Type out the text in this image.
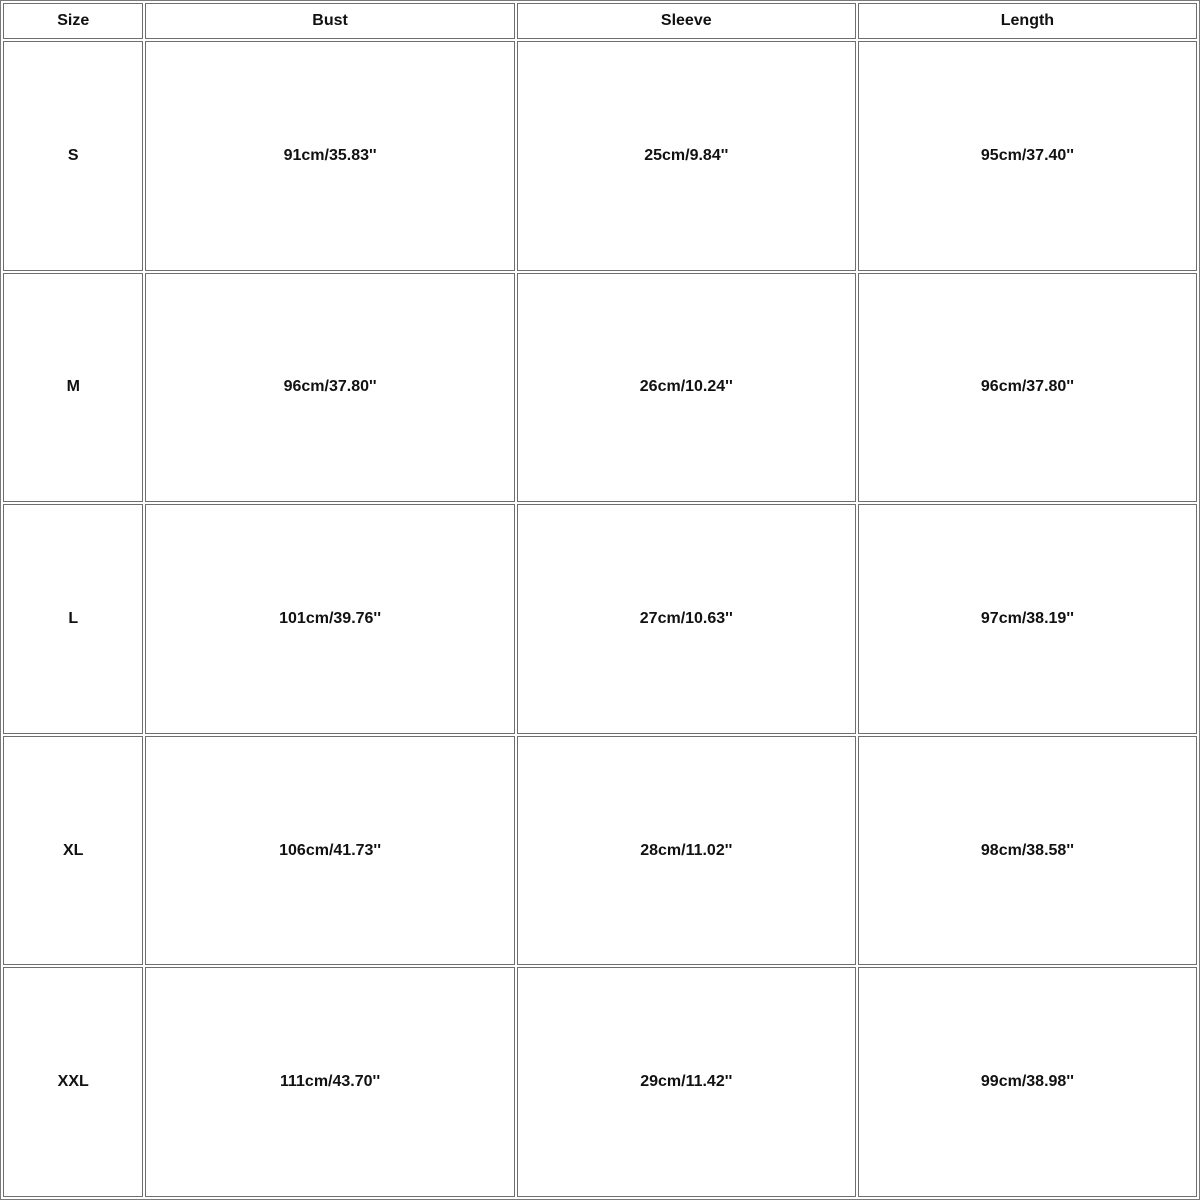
Size	Bust	Sleeve	Length
S	91cm/35.83''	25cm/9.84''	95cm/37.40''
M	96cm/37.80''	26cm/10.24''	96cm/37.80''
L	101cm/39.76''	27cm/10.63''	97cm/38.19''
XL	106cm/41.73''	28cm/11.02''	98cm/38.58''
XXL	111cm/43.70''	29cm/11.42''	99cm/38.98''
